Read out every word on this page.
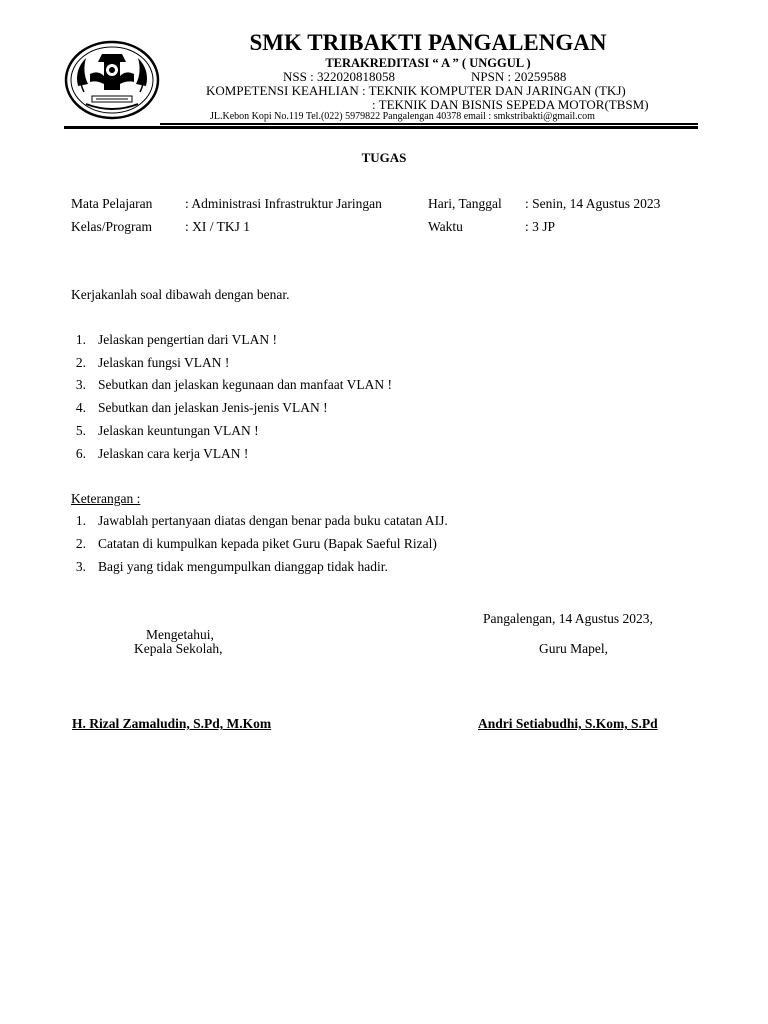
SMK TRIBAKTI PANGALENGAN
TERAKREDITASI “ A ” ( UNGGUL )
NSS : 322020818058	NPSN : 20259588
KOMPETENSI KEAHLIAN : TEKNIK KOMPUTER DAN JARINGAN (TKJ)
: TEKNIK DAN BISNIS SEPEDA MOTOR(TBSM)
JL.Kebon Kopi No.119 Tel.(022) 5979822 Pangalengan 40378 email : smkstribakti@gmail.com
TUGAS
Mata Pelajaran : Administrasi Infrastruktur Jaringan	Hari, Tanggal : Senin, 14 Agustus 2023
Kelas/Program : XI / TKJ 1	Waktu	: 3 JP
Kerjakanlah soal dibawah dengan benar.
1. Jelaskan pengertian dari VLAN !
2. Jelaskan fungsi VLAN !
3. Sebutkan dan jelaskan kegunaan dan manfaat VLAN !
4. Sebutkan dan jelaskan Jenis-jenis VLAN !
5. Jelaskan keuntungan VLAN !
6. Jelaskan cara kerja VLAN !
Keterangan :
1. Jawablah pertanyaan diatas dengan benar pada buku catatan AIJ.
2. Catatan di kumpulkan kepada piket Guru (Bapak Saeful Rizal)
3. Bagi yang tidak mengumpulkan dianggap tidak hadir.
Pangalengan, 14 Agustus 2023,
Mengetahui,
Kepala Sekolah,	Guru Mapel,
H. Rizal Zamaludin, S.Pd, M.Kom	Andri Setiabudhi, S.Kom, S.Pd
